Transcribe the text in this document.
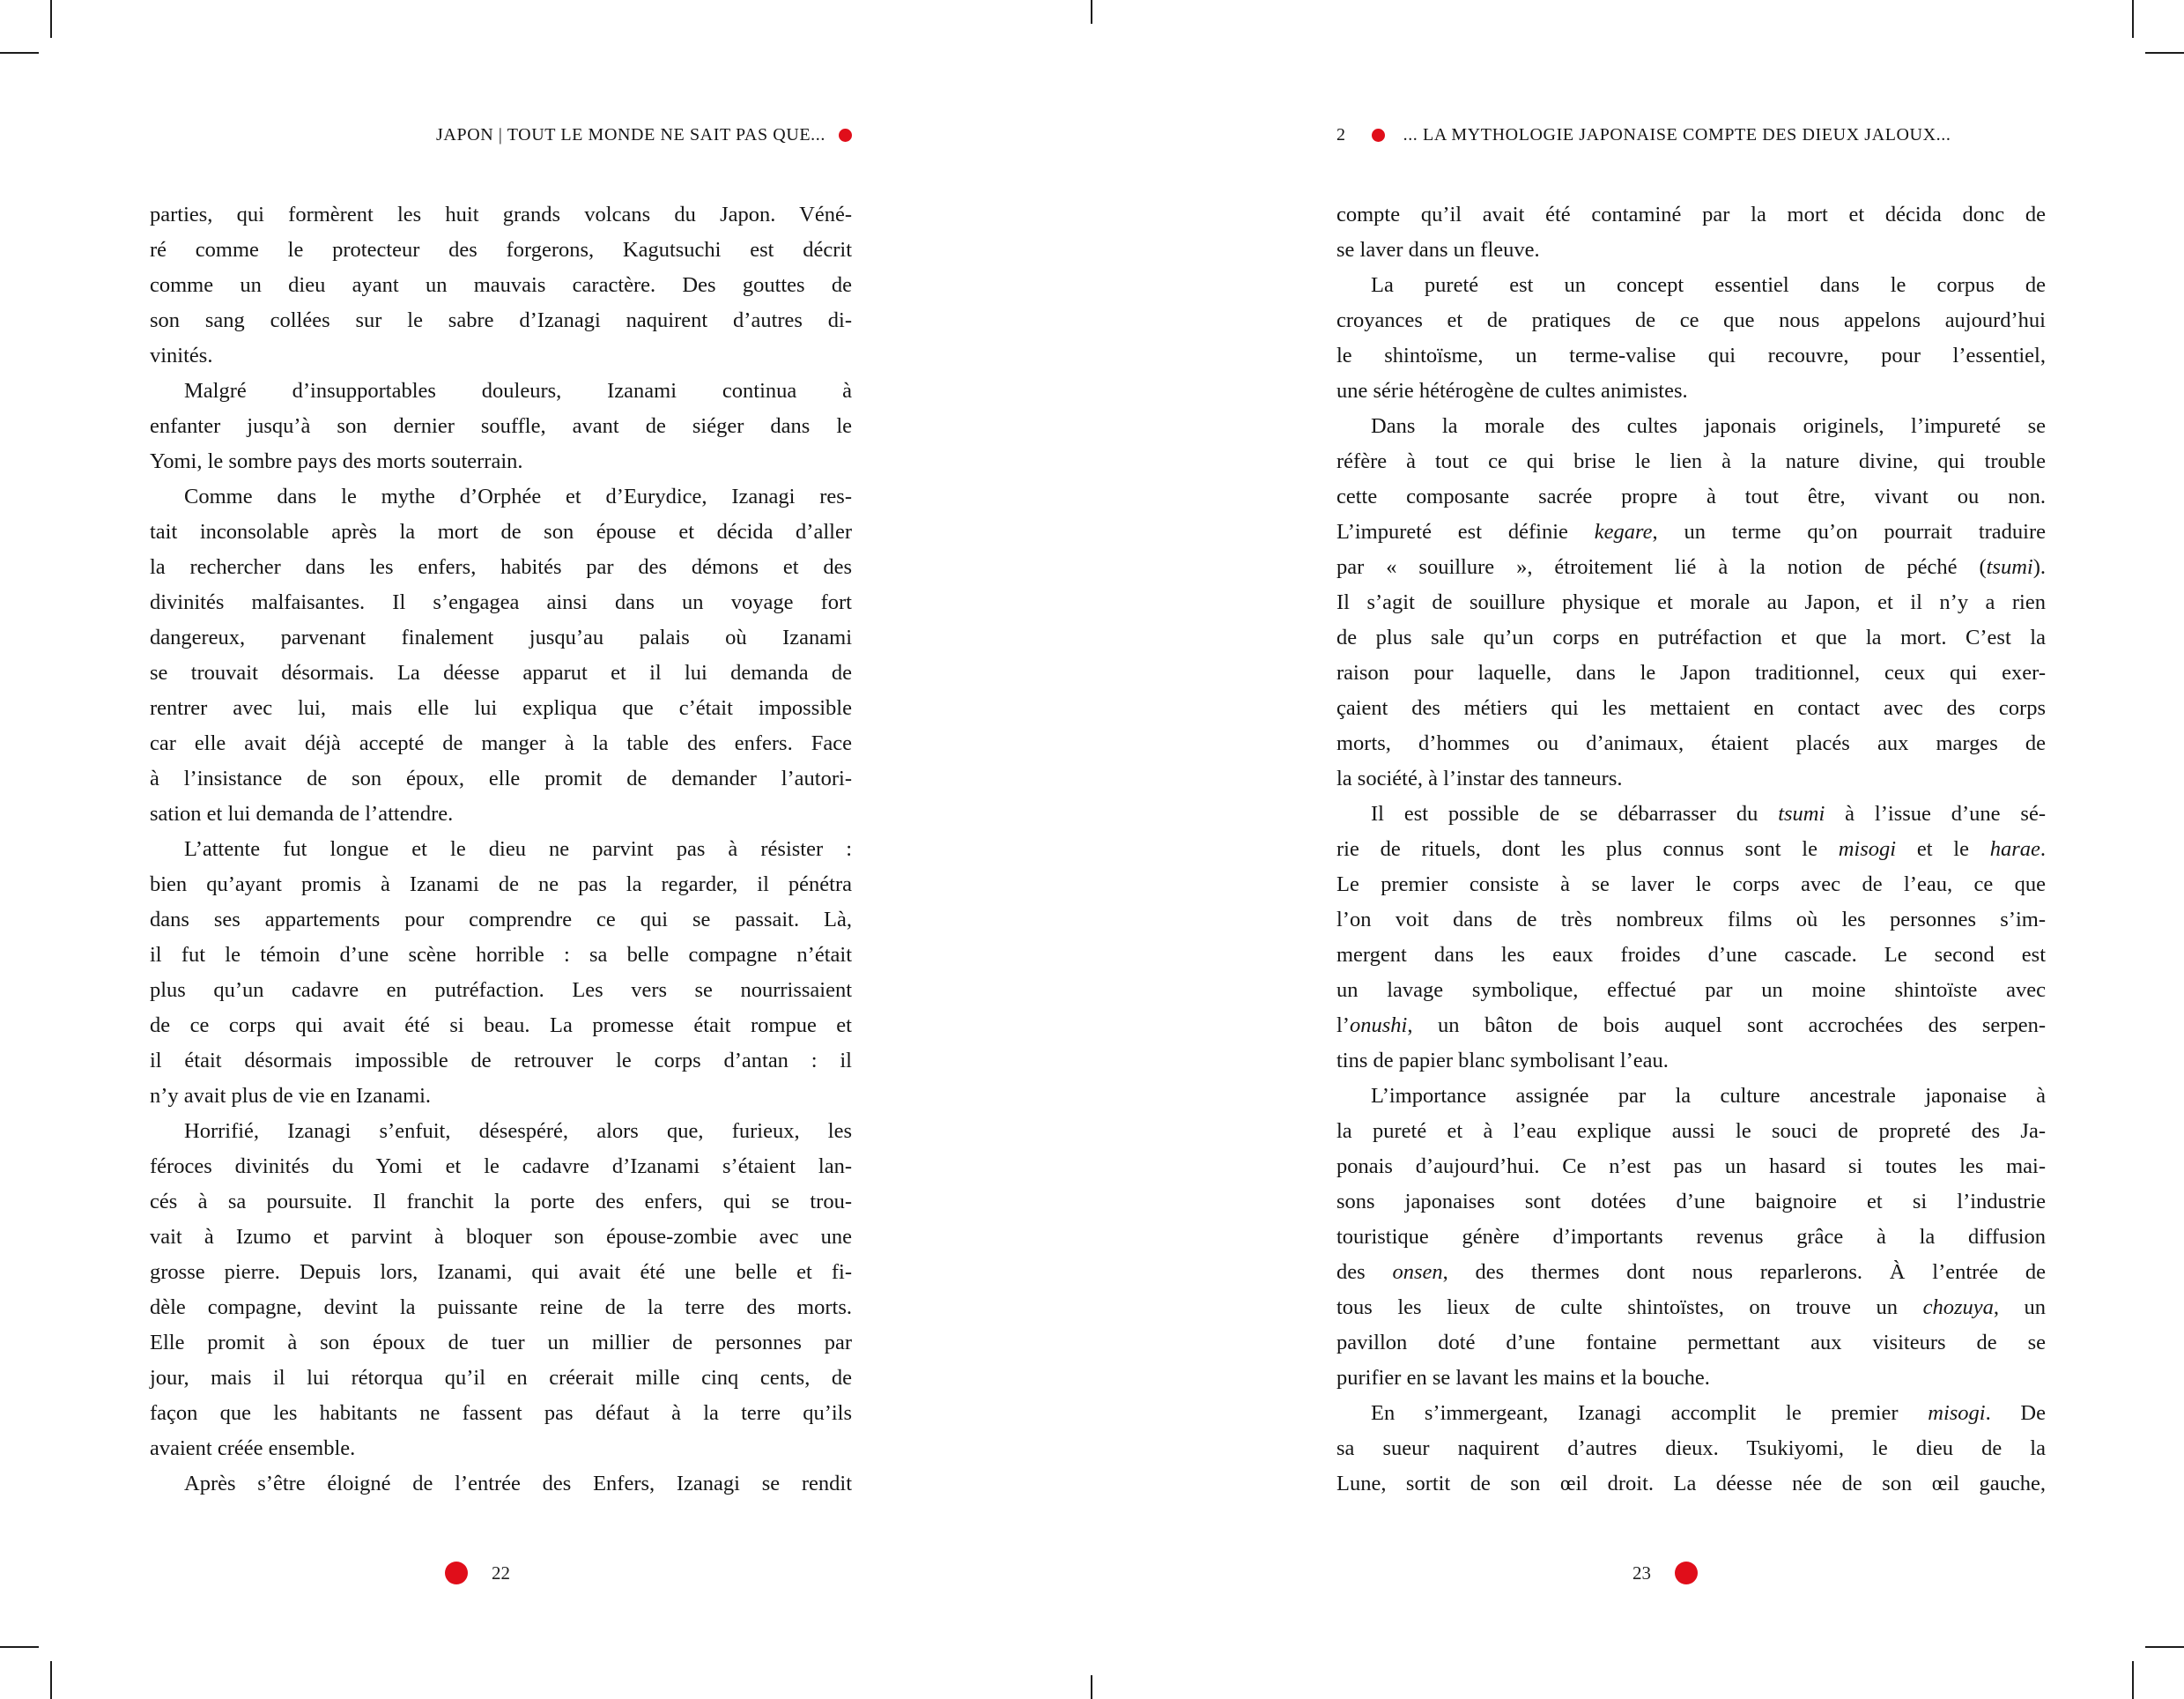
JAPON | TOUT LE MONDE NE SAIT PAS QUE...
parties, qui formèrent les huit grands volcans du Japon. Véné-
ré comme le protecteur des forgerons, Kagutsuchi est décrit
comme un dieu ayant un mauvais caractère. Des gouttes de
son sang collées sur le sabre d’Izanagi naquirent d’autres di-
vinités.
Malgré d’insupportables douleurs, Izanami continua à
enfanter jusqu’à son dernier souffle, avant de siéger dans le
Yomi, le sombre pays des morts souterrain.
Comme dans le mythe d’Orphée et d’Eurydice, Izanagi res-
tait inconsolable après la mort de son épouse et décida d’aller
la rechercher dans les enfers, habités par des démons et des
divinités malfaisantes. Il s’engagea ainsi dans un voyage fort
dangereux, parvenant finalement jusqu’au palais où Izanami
se trouvait désormais. La déesse apparut et il lui demanda de
rentrer avec lui, mais elle lui expliqua que c’était impossible
car elle avait déjà accepté de manger à la table des enfers. Face
à l’insistance de son époux, elle promit de demander l’autori-
sation et lui demanda de l’attendre.
L’attente fut longue et le dieu ne parvint pas à résister :
bien qu’ayant promis à Izanami de ne pas la regarder, il pénétra
dans ses appartements pour comprendre ce qui se passait. Là,
il fut le témoin d’une scène horrible : sa belle compagne n’était
plus qu’un cadavre en putréfaction. Les vers se nourrissaient
de ce corps qui avait été si beau. La promesse était rompue et
il était désormais impossible de retrouver le corps d’antan : il
n’y avait plus de vie en Izanami.
Horrifié, Izanagi s’enfuit, désespéré, alors que, furieux, les
féroces divinités du Yomi et le cadavre d’Izanami s’étaient lan-
cés à sa poursuite. Il franchit la porte des enfers, qui se trou-
vait à Izumo et parvint à bloquer son épouse-zombie avec une
grosse pierre. Depuis lors, Izanami, qui avait été une belle et fi-
dèle compagne, devint la puissante reine de la terre des morts.
Elle promit à son époux de tuer un millier de personnes par
jour, mais il lui rétorqua qu’il en créerait mille cinq cents, de
façon que les habitants ne fassent pas défaut à la terre qu’ils
avaient créée ensemble.
Après s’être éloigné de l’entrée des Enfers, Izanagi se rendit
22
2	... LA MYTHOLOGIE JAPONAISE COMPTE DES DIEUX JALOUX...
compte qu’il avait été contaminé par la mort et décida donc de
se laver dans un fleuve.
La pureté est un concept essentiel dans le corpus de
croyances et de pratiques de ce que nous appelons aujourd’hui
le shintoïsme, un terme-valise qui recouvre, pour l’essentiel,
une série hétérogène de cultes animistes.
Dans la morale des cultes japonais originels, l’impureté se
réfère à tout ce qui brise le lien à la nature divine, qui trouble
cette composante sacrée propre à tout être, vivant ou non.
L’impureté est définie kegare, un terme qu’on pourrait traduire
par « souillure », étroitement lié à la notion de péché (tsumi).
Il s’agit de souillure physique et morale au Japon, et il n’y a rien
de plus sale qu’un corps en putréfaction et que la mort. C’est la
raison pour laquelle, dans le Japon traditionnel, ceux qui exer-
çaient des métiers qui les mettaient en contact avec des corps
morts, d’hommes ou d’animaux, étaient placés aux marges de
la société, à l’instar des tanneurs.
Il est possible de se débarrasser du tsumi à l’issue d’une sé-
rie de rituels, dont les plus connus sont le misogi et le harae.
Le premier consiste à se laver le corps avec de l’eau, ce que
l’on voit dans de très nombreux films où les personnes s’im-
mergent dans les eaux froides d’une cascade. Le second est
un lavage symbolique, effectué par un moine shintoïste avec
l’onushi, un bâton de bois auquel sont accrochées des serpen-
tins de papier blanc symbolisant l’eau.
L’importance assignée par la culture ancestrale japonaise à
la pureté et à l’eau explique aussi le souci de propreté des Ja-
ponais d’aujourd’hui. Ce n’est pas un hasard si toutes les mai-
sons japonaises sont dotées d’une baignoire et si l’industrie
touristique génère d’importants revenus grâce à la diffusion
des onsen, des thermes dont nous reparlerons. À l’entrée de
tous les lieux de culte shintoïstes, on trouve un chozuya, un
pavillon doté d’une fontaine permettant aux visiteurs de se
purifier en se lavant les mains et la bouche.
En s’immergeant, Izanagi accomplit le premier misogi. De
sa sueur naquirent d’autres dieux. Tsukiyomi, le dieu de la
Lune, sortit de son œil droit. La déesse née de son œil gauche,
23
